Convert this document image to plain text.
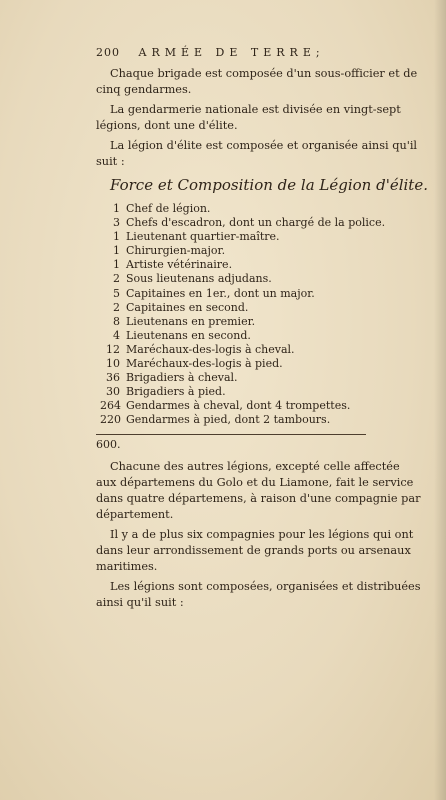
200 ARMÉE DE TERRE;

Chaque brigade est composée d'un sous-officier et de cinq gendarmes.

La gendarmerie nationale est divisée en vingt-sept légions, dont une d'élite.

La légion d'élite est composée et organisée ainsi qu'il suit :

Force et Composition de la Légion d'élite.
1 Chef de légion.
3 Chefs d'escadron, dont un chargé de la police.
1 Lieutenant quartier-maître.
1 Chirurgien-major.
1 Artiste vétérinaire.
2 Sous lieutenans adjudans.
5 Capitaines en 1er., dont un major.
2 Capitaines en second.
8 Lieutenans en premier.
4 Lieutenans en second.
12 Maréchaux-des-logis à cheval.
10 Maréchaux-des-logis à pied.
36 Brigadiers à cheval.
30 Brigadiers à pied.
264 Gendarmes à cheval, dont 4 trompettes.
220 Gendarmes à pied, dont 2 tambours.
600.

Chacune des autres légions, excepté celle affectée aux départemens du Golo et du Liamone, fait le service dans quatre départemens, à raison d'une compagnie par département.

Il y a de plus six compagnies pour les légions qui ont dans leur arrondissement de grands ports ou arsenaux maritimes.

Les légions sont composées, organisées et distribuées ainsi qu'il suit :
